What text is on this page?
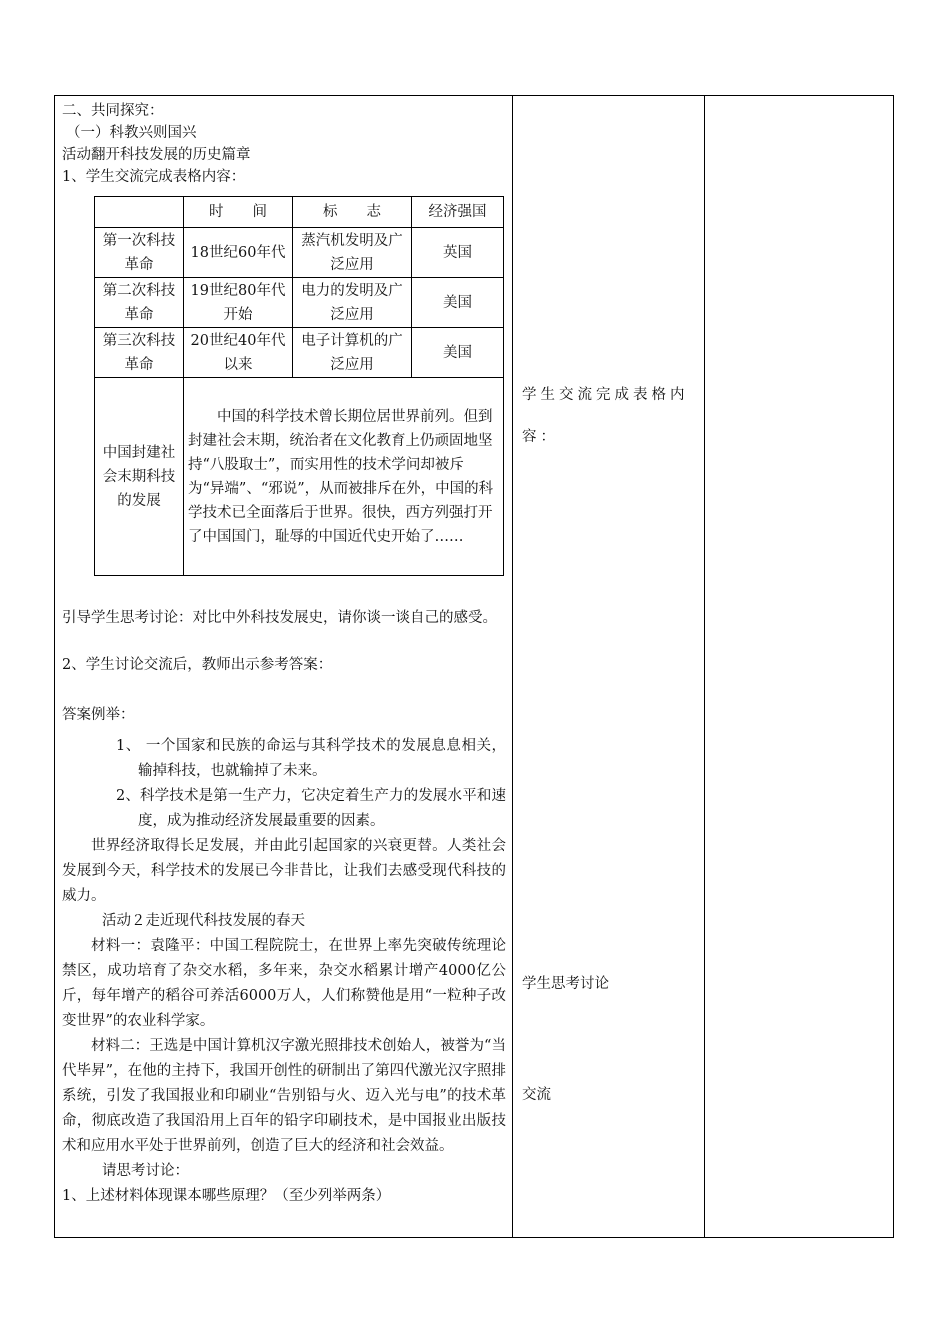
二、共同探究：
（一）科教兴则国兴
活动翻开科技发展的历史篇章
1、学生交流完成表格内容：
	时　　间	标　　志	经济强国
第一次科技革命	18世纪60年代	蒸汽机发明及广泛应用	英国
第二次科技革命	19世纪80年代开始	电力的发明及广泛应用	美国
第三次科技革命	20世纪40年代以来	电子计算机的广泛应用	美国
中国封建社会末期科技的发展	中国的科学技术曾长期位居世界前列。但到封建社会末期，统治者在文化教育上仍顽固地坚持“八股取士”，而实用性的技术学问却被斥为“异端”、“邪说”，从而被排斥在外，中国的科学技术已全面落后于世界。很快，西方列强打开了中国国门，耻辱的中国近代史开始了……		
引导学生思考讨论：对比中外科技发展史，请你谈一谈自己的感受。
2、学生讨论交流后，教师出示参考答案：
答案例举：
1、 一个国家和民族的命运与其科学技术的发展息息相关，输掉科技，也就输掉了未来。
2、科学技术是第一生产力，它决定着生产力的发展水平和速度，成为推动经济发展最重要的因素。
世界经济取得长足发展，并由此引起国家的兴衰更替。人类社会发展到今天，科学技术的发展已今非昔比，让我们去感受现代科技的威力。
活动２走近现代科技发展的春天
材料一：袁隆平：中国工程院院士，在世界上率先突破传统理论禁区，成功培育了杂交水稻，多年来，杂交水稻累计增产4000亿公斤，每年增产的稻谷可养活6000万人，人们称赞他是用“一粒种子改变世界”的农业科学家。
材料二：王选是中国计算机汉字激光照排技术创始人，被誉为“当代毕昇”，在他的主持下，我国开创性的研制出了第四代激光汉字照排系统，引发了我国报业和印刷业“告别铅与火、迈入光与电”的技术革命，彻底改造了我国沿用上百年的铅字印刷技术，是中国报业出版技术和应用水平处于世界前列，创造了巨大的经济和社会效益。
请思考讨论：
1、上述材料体现课本哪些原理？（至少列举两条）
学生交流完成表格内容：
学生思考讨论
交流
